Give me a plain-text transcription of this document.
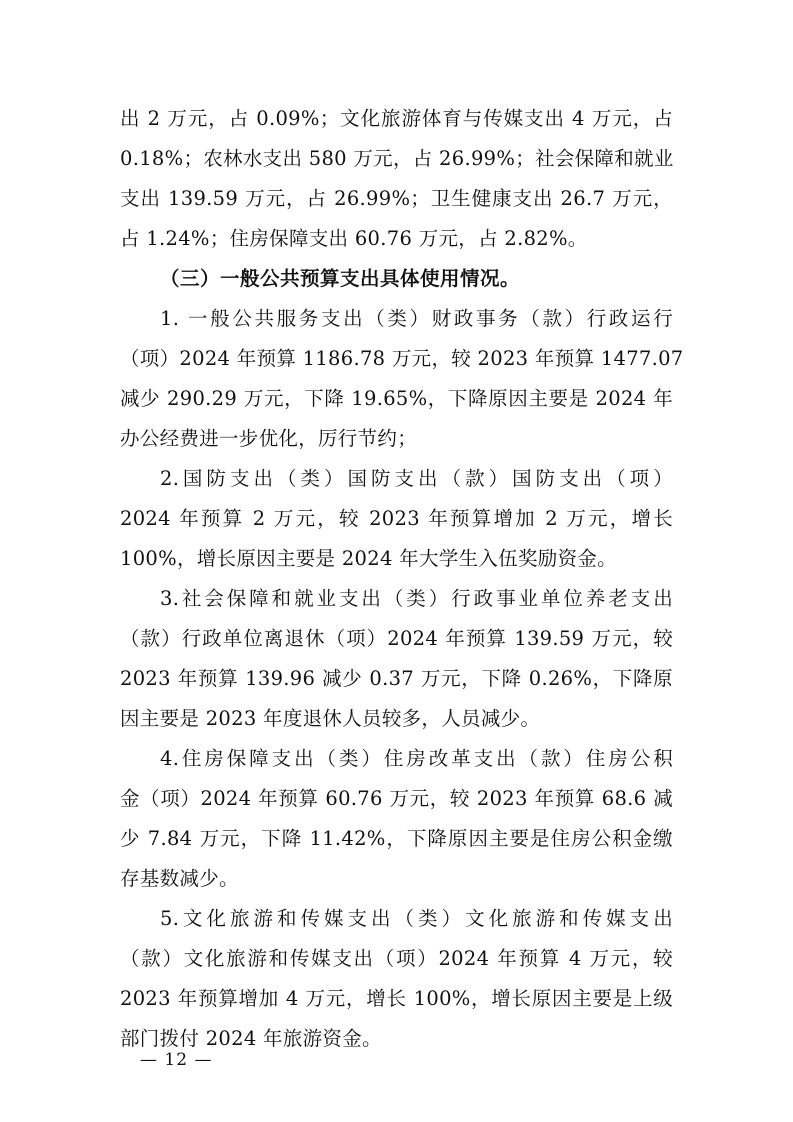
出 2 万元，占 0.09%；文化旅游体育与传媒支出 4 万元，占
0.18%；农林水支出 580 万元，占 26.99%；社会保障和就业
支出 139.59 万元，占 26.99%；卫生健康支出 26.7 万元，
占 1.24%；住房保障支出 60.76 万元，占 2.82%。
（三）一般公共预算支出具体使用情况。
1. 一般公共服务支出（类）财政事务（款）行政运行
（项）2024 年预算 1186.78 万元，较 2023 年预算 1477.07
减少 290.29 万元，下降 19.65%，下降原因主要是 2024 年
办公经费进一步优化，厉行节约；
2.国防支出（类）国防支出（款）国防支出（项）
2024 年预算 2 万元，较 2023 年预算增加 2 万元，增长
100%，增长原因主要是 2024 年大学生入伍奖励资金。
3.社会保障和就业支出（类）行政事业单位养老支出
（款）行政单位离退休（项）2024 年预算 139.59 万元，较
2023 年预算 139.96 减少 0.37 万元，下降 0.26%，下降原
因主要是 2023 年度退休人员较多，人员减少。
4.住房保障支出（类）住房改革支出（款）住房公积
金（项）2024 年预算 60.76 万元，较 2023 年预算 68.6 减
少 7.84 万元，下降 11.42%，下降原因主要是住房公积金缴
存基数减少。
5.文化旅游和传媒支出（类）文化旅游和传媒支出
（款）文化旅游和传媒支出（项）2024 年预算 4 万元，较
2023 年预算增加 4 万元，增长 100%，增长原因主要是上级
部门拨付 2024 年旅游资金。
— 12 —
